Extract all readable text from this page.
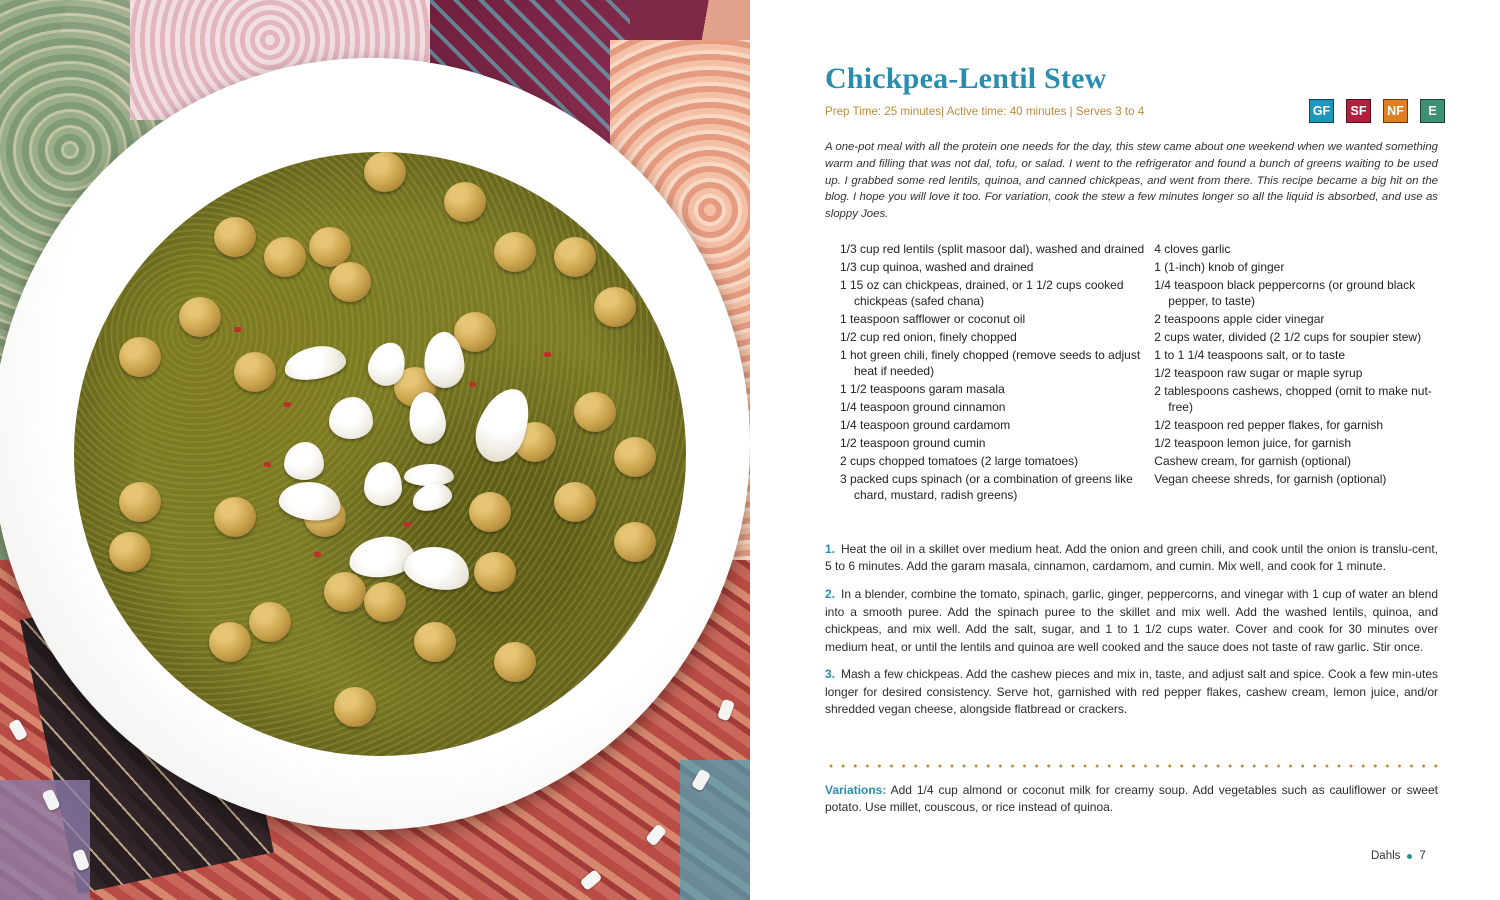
Chickpea-Lentil Stew
Prep Time: 25 minutes| Active time: 40 minutes | Serves 3 to 4	GF	SF	NF	E

A one-pot meal with all the protein one needs for the day, this stew came about one weekend when we wanted something warm and filling that was not dal, tofu, or salad. I went to the refrigerator and found a bunch of greens waiting to be used up. I grabbed some red lentils, quinoa, and canned chickpeas, and went from there. This recipe became a big hit on the blog. I hope you will love it too. For variation, cook the stew a few minutes longer so all the liquid is absorbed, and use as sloppy Joes.

1/3 cup red lentils (split masoor dal), washed and drained
1/3 cup quinoa, washed and drained
1 15 oz can chickpeas, drained, or 1 1/2 cups cooked chickpeas (safed chana)
1 teaspoon safflower or coconut oil
1/2 cup red onion, finely chopped
1 hot green chili, finely chopped (remove seeds to adjust heat if needed)
1 1/2 teaspoons garam masala
1/4 teaspoon ground cinnamon
1/4 teaspoon ground cardamom
1/2 teaspoon ground cumin
2 cups chopped tomatoes (2 large tomatoes)
3 packed cups spinach (or a combination of greens like chard, mustard, radish greens)
4 cloves garlic
1 (1-inch) knob of ginger
1/4 teaspoon black peppercorns (or ground black pepper, to taste)
2 teaspoons apple cider vinegar
2 cups water, divided (2 1/2 cups for soupier stew)
1 to 1 1/4 teaspoons salt, or to taste
1/2 teaspoon raw sugar or maple syrup
2 tablespoons cashews, chopped (omit to make nut-free)
1/2 teaspoon red pepper flakes, for garnish
1/2 teaspoon lemon juice, for garnish
Cashew cream, for garnish (optional)
Vegan cheese shreds, for garnish (optional)

1. Heat the oil in a skillet over medium heat. Add the onion and green chili, and cook until the onion is translu-cent, 5 to 6 minutes. Add the garam masala, cinnamon, cardamom, and cumin. Mix well, and cook for 1 minute.

2. In a blender, combine the tomato, spinach, garlic, ginger, peppercorns, and vinegar with 1 cup of water an blend into a smooth puree. Add the spinach puree to the skillet and mix well. Add the washed lentils, quinoa, and chickpeas, and mix well. Add the salt, sugar, and 1 to 1 1/2 cups water. Cover and cook for 30 minutes over medium heat, or until the lentils and quinoa are well cooked and the sauce does not taste of raw garlic. Stir once.

3. Mash a few chickpeas. Add the cashew pieces and mix in, taste, and adjust salt and spice. Cook a few min-utes longer for desired consistency. Serve hot, garnished with red pepper flakes, cashew cream, lemon juice, and/or shredded vegan cheese, alongside flatbread or crackers.

Variations: Add 1/4 cup almond or coconut milk for creamy soup. Add vegetables such as cauliflower or sweet potato. Use millet, couscous, or rice instead of quinoa.

Dahls 7
